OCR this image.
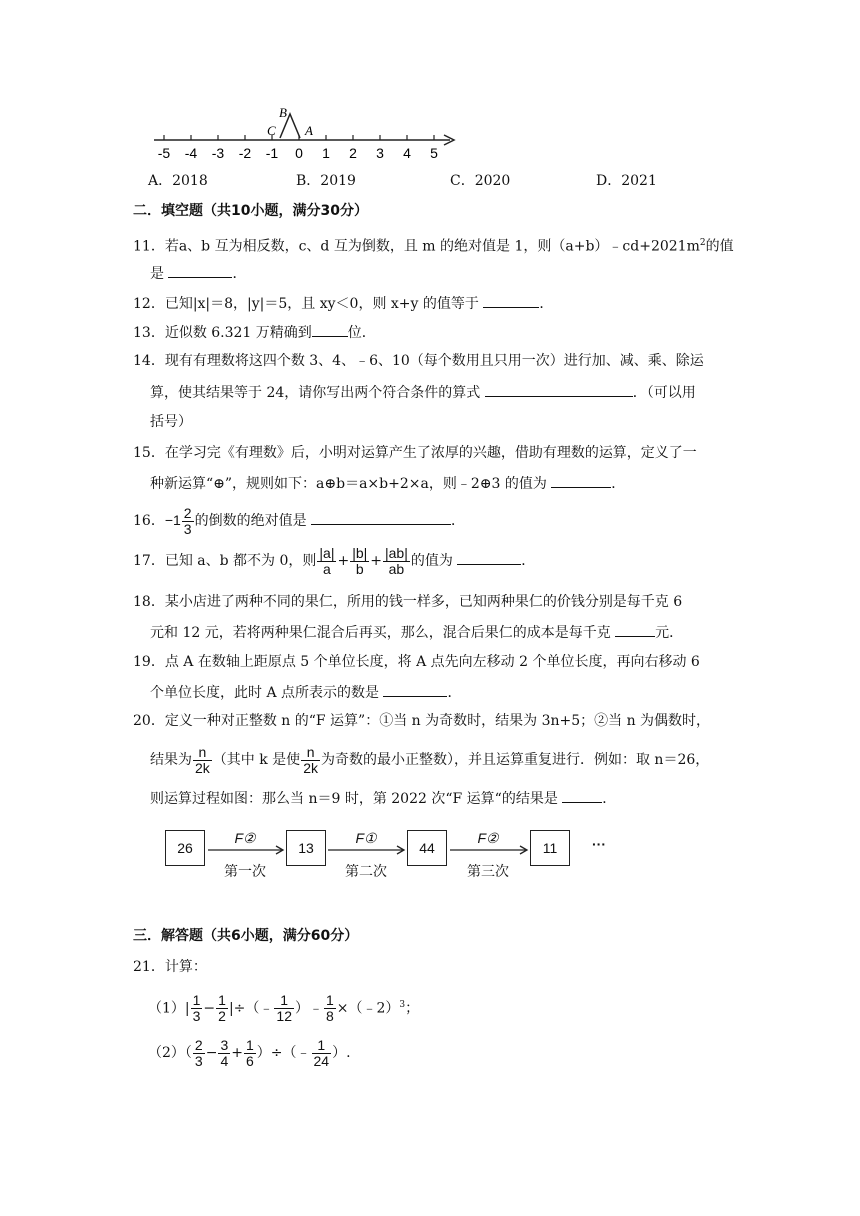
B
C A
-5 -4 -3 -2 -1 0 1 2 3 4 5
A．2018	B．2019	C．2020	D．2021
二．填空题（共10小题，满分30分）
11．若a、b 互为相反数，c、d 互为倒数，且 m 的绝对值是 1，则$(a+b)﹣cd+2021m^2$的值
是	．
12．已知|x|＝8，|y|＝5，且 xy＜0，则 x+y 的值等于	．
13．近似数 6.321 万精确到	位．
14．现有有理数将这四个数 3、4、﹣6、10（每个数用且只用一次）进行加、减、乘、除运
算，使其结果等于 24，请你写出两个符合条件的算式	．（可以用
括号）
15．在学习完《有理数》后，小明对运算产生了浓厚的兴趣，借助有理数的运算，定义了一
种新运算“⊕”，规则如下：a⊕b＝a×b+2×a，则﹣2⊕3 的值为	．
16．$-1 \frac{2}{3}$ 的倒数的绝对值是	．
17．已知 a、b 都不为 0，则 $\frac{|a|}{a} + \frac{|b|}{b} + \frac{|ab|}{ab}$ 的值为	．
18．某小店进了两种不同的果仁，所用的钱一样多，已知两种果仁的价钱分别是每千克 6
元和 12 元，若将两种果仁混合后再买，那么，混合后果仁的成本是每千克	元．
19．点 A 在数轴上距原点 5 个单位长度，将 A 点先向左移动 2 个单位长度，再向右移动 6
个单位长度，此时 A 点所表示的数是	．
20．定义一种对正整数 n 的“F 运算”：①当 n 为奇数时，结果为 3n+5；②当 n 为偶数时，
结果为 $\frac{n}{2k}$ （其中 k 是使 $\frac{n}{2k}$ 为奇数的最小正整数），并且运算重复进行．例如：取 n＝26，
则运算过程如图：那么当 n＝9 时，第 2022 次“F 运算“的结果是	．
26	13	44	11
F②	F①	F②
第一次	第二次	第三次
···
三．解答题（共6小题，满分60分）
21．计算：
$(1)| \frac{1}{3} - \frac{1}{2}$ |÷（﹣ $\frac{1}{12}$ ）﹣ $\frac{1}{8}$ ×（﹣2）$^3$；
$(2)( \frac{2}{3} - \frac{3}{4} + \frac{1}{6}$ ）÷（﹣ $\frac{1}{24}$ ）.
